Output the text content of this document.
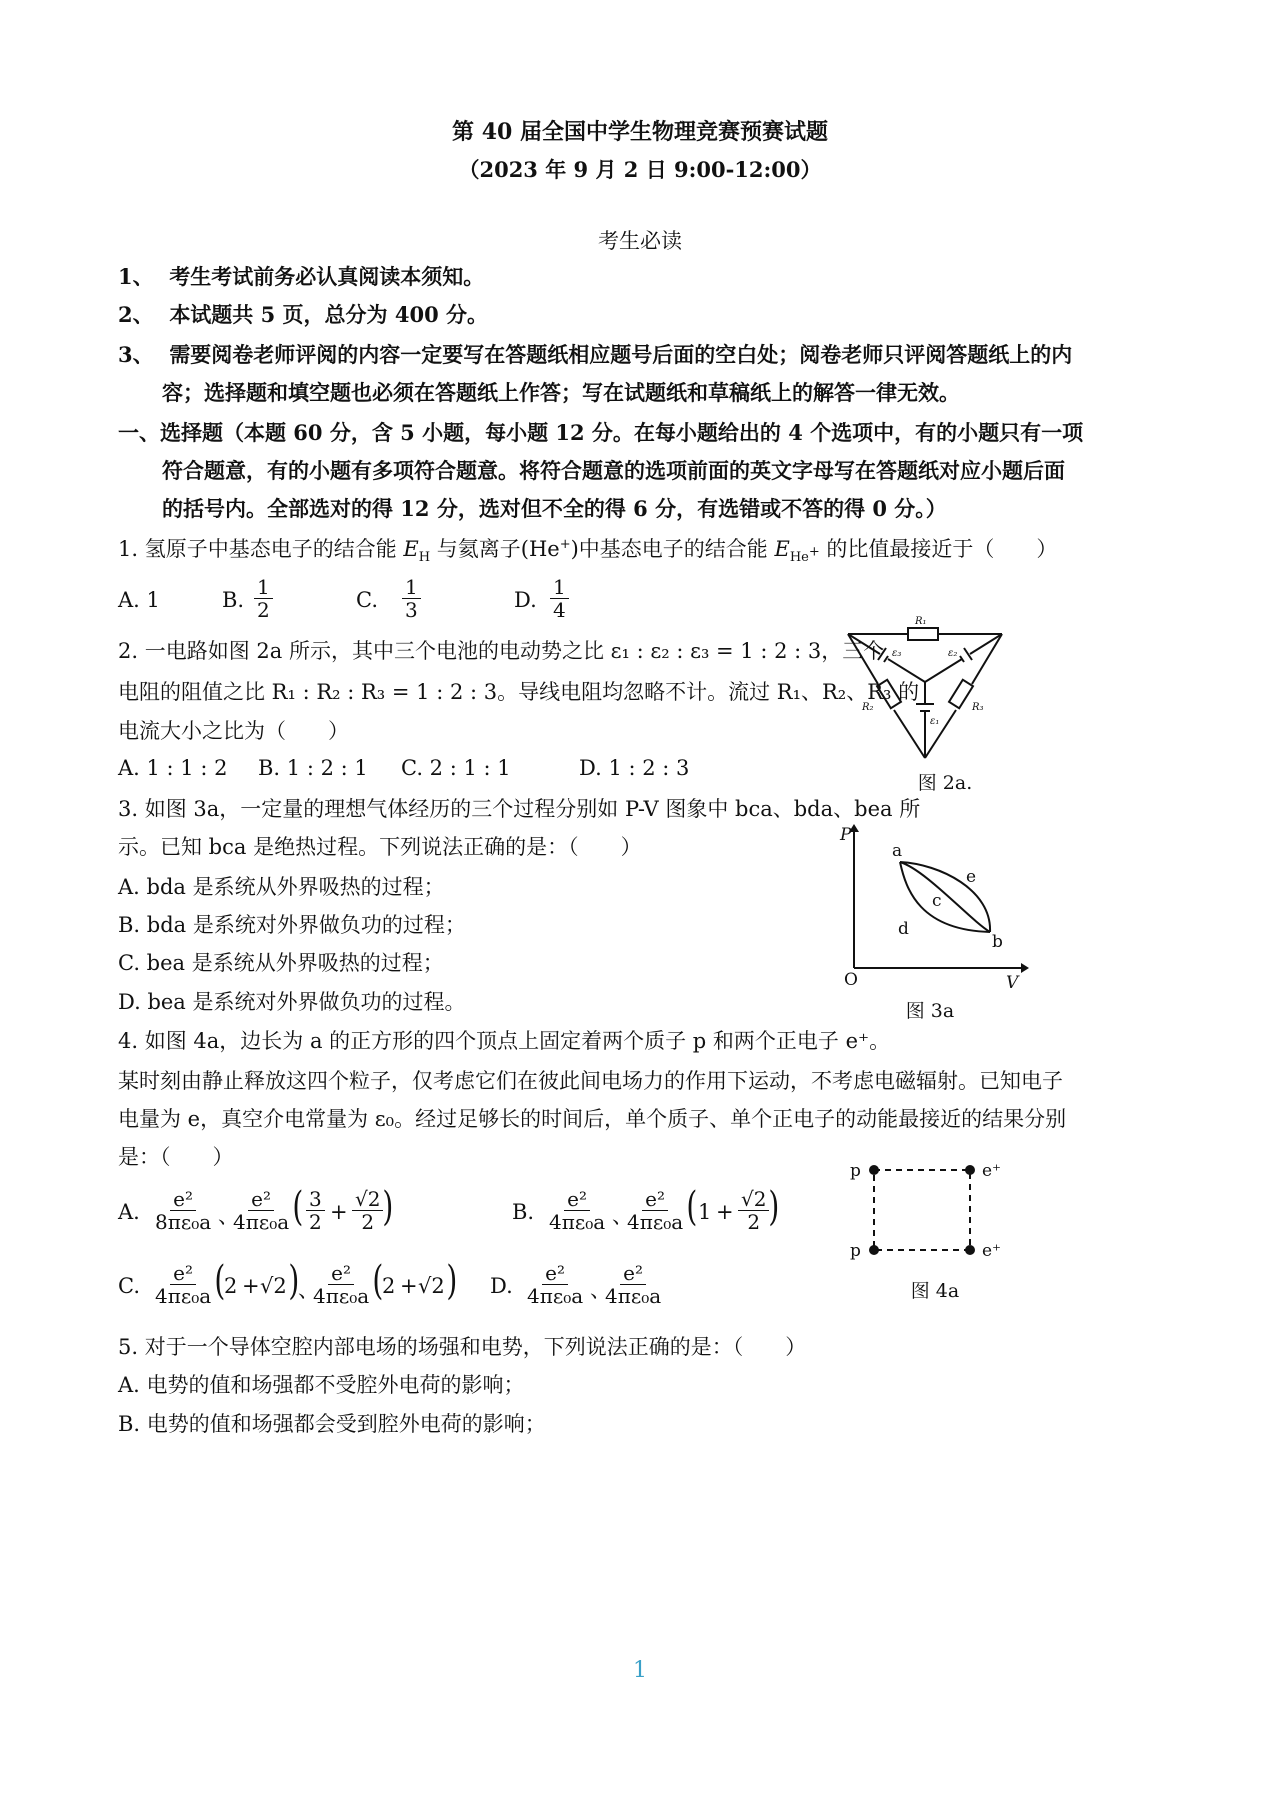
第 40 届全国中学生物理竞赛预赛试题
（2023 年 9 月 2 日 9:00-12:00）
考生必读
1、 考生考试前务必认真阅读本须知。
2、 本试题共 5 页，总分为 400 分。
3、 需要阅卷老师评阅的内容一定要写在答题纸相应题号后面的空白处；阅卷老师只评阅答题纸上的内
容；选择题和填空题也必须在答题纸上作答；写在试题纸和草稿纸上的解答一律无效。
一、选择题（本题 60 分，含 5 小题，每小题 12 分。在每小题给出的 4 个选项中，有的小题只有一项
符合题意，有的小题有多项符合题意。将符合题意的选项前面的英文字母写在答题纸对应小题后面
的括号内。全部选对的得 12 分，选对但不全的得 6 分，有选错或不答的得 0 分。）
1. 氢原子中基态电子的结合能 $E_H$ 与氦离子(He+)中基态电子的结合能 $E_{He^+}$ 的比值最接近于（　　）
A. 1	B. $\frac{1}{2}$	C. $\frac{1}{3}$	D. $\frac{1}{4}$
2. 一电路如图 2a 所示，其中三个电池的电动势之比 ε₁ : ε₂ : ε₃ = 1 : 2 : 3，三个
电阻的阻值之比 R₁ : R₂ : R₃ = 1 : 2 : 3。导线电阻均忽略不计。流过 R₁、R₂、R₃ 的
电流大小之比为（　　）
A. 1 : 1 : 2 B. 1 : 2 : 1 C. 2 : 1 : 1	D. 1 : 2 : 3
R₁
R₂	R₃
ε₁
ε₂
ε₃
图 2a.
3. 如图 3a，一定量的理想气体经历的三个过程分别如 P-V 图象中 bca、bda、bea 所
示。已知 bca 是绝热过程。下列说法正确的是：（　　）
A. bda 是系统从外界吸热的过程；
B. bda 是系统对外界做负功的过程；
C. bea 是系统从外界吸热的过程；
D. bea 是系统对外界做负功的过程。
P
V
O
a
b
c
d
e
图 3a
4. 如图 4a，边长为 a 的正方形的四个顶点上固定着两个质子 p 和两个正电子 e⁺。
某时刻由静止释放这四个粒子，仅考虑它们在彼此间电场力的作用下运动，不考虑电磁辐射。已知电子
电量为 e，真空介电常量为 ε₀。经过足够长的时间后，单个质子、单个正电子的动能最接近的结果分别
是：（　　）
p	e⁺
p	e⁺
图 4a
A. $\frac{\text{e²}}{\text{8πε₀a}}$ 、
$\frac{\text{e²}}{\text{4πε₀a}}$ ( $\frac{3}{2} + \frac{√2}{2}$
)	B. $\frac{\text{e²}}{\text{4πε₀a}}$ 、
$\frac{\text{e²}}{\text{4πε₀a}}$ ( $1 + \frac{√2}{2}$
)
C. $\frac{\text{e²}}{\text{4πε₀a}}$ (
2 + √2 )
、
$\frac{\text{e²}}{\text{4πε₀a}}$ (
2 + √2 ) D. $\frac{\text{e²}}{\text{4πε₀a}}$ 、
$\frac{\text{e²}}{\text{4πε₀a}}$
5. 对于一个导体空腔内部电场的场强和电势，下列说法正确的是：（　　）
A. 电势的值和场强都不受腔外电荷的影响；
B. 电势的值和场强都会受到腔外电荷的影响；
1
